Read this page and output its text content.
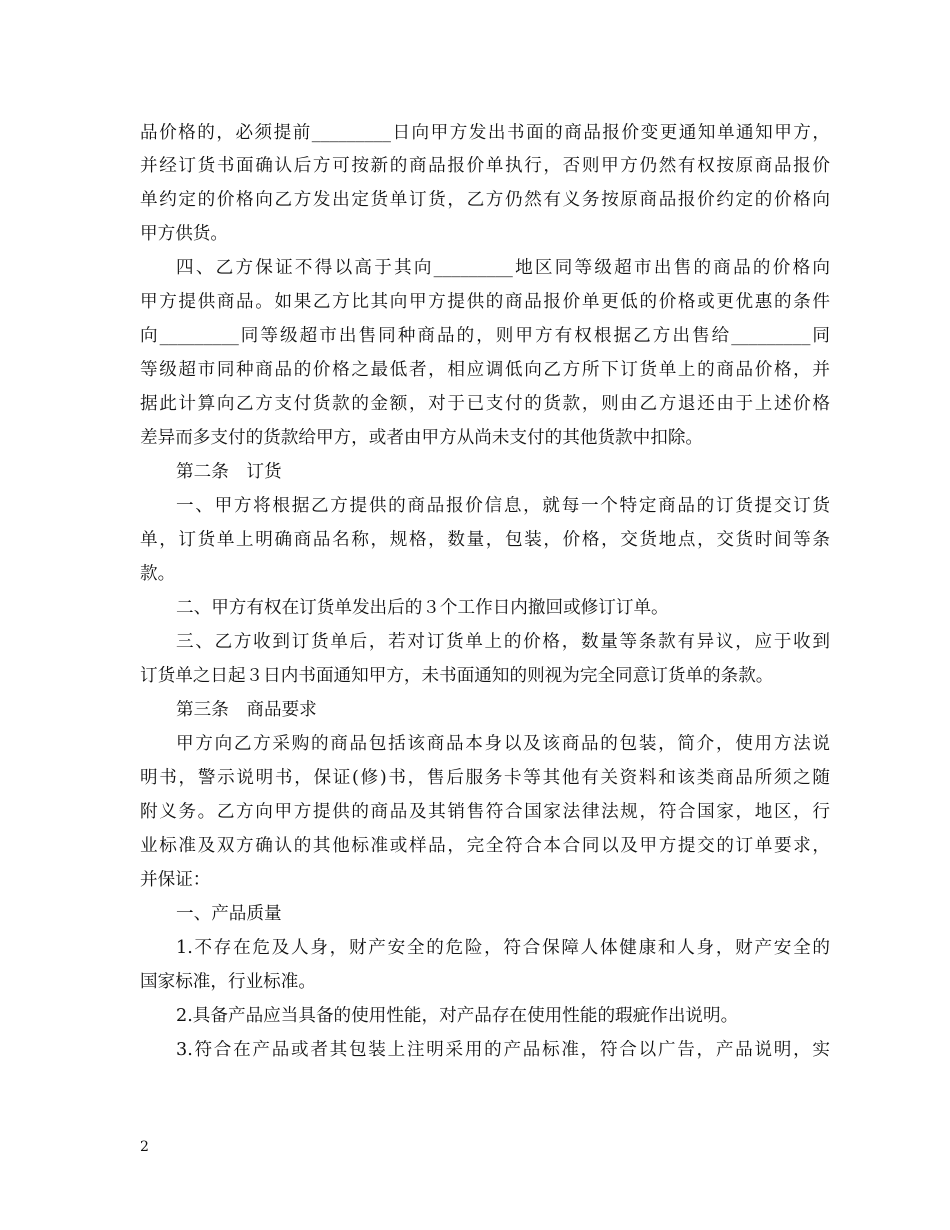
品价格的，必须提前_________日向甲方发出书面的商品报价变更通知单通知甲方，
并经订货书面确认后方可按新的商品报价单执行，否则甲方仍然有权按原商品报价
单约定的价格向乙方发出定货单订货，乙方仍然有义务按原商品报价约定的价格向
甲方供货。
四、乙方保证不得以高于其向_________地区同等级超市出售的商品的价格向
甲方提供商品。如果乙方比其向甲方提供的商品报价单更低的价格或更优惠的条件
向_________同等级超市出售同种商品的，则甲方有权根据乙方出售给_________同
等级超市同种商品的价格之最低者，相应调低向乙方所下订货单上的商品价格，并
据此计算向乙方支付货款的金额，对于已支付的货款，则由乙方退还由于上述价格
差异而多支付的货款给甲方，或者由甲方从尚未支付的其他货款中扣除。
第二条　订货
一、甲方将根据乙方提供的商品报价信息，就每一个特定商品的订货提交订货
单，订货单上明确商品名称，规格，数量，包装，价格，交货地点，交货时间等条
款。
二、甲方有权在订货单发出后的３个工作日内撤回或修订订单。
三、乙方收到订货单后，若对订货单上的价格，数量等条款有异议，应于收到
订货单之日起３日内书面通知甲方，未书面通知的则视为完全同意订货单的条款。
第三条　商品要求
甲方向乙方采购的商品包括该商品本身以及该商品的包装，简介，使用方法说
明书，警示说明书，保证(修)书，售后服务卡等其他有关资料和该类商品所须之随
附义务。乙方向甲方提供的商品及其销售符合国家法律法规，符合国家，地区，行
业标准及双方确认的其他标准或样品，完全符合本合同以及甲方提交的订单要求，
并保证：
一、产品质量
1.不存在危及人身，财产安全的危险，符合保障人体健康和人身，财产安全的
国家标准，行业标准。
2.具备产品应当具备的使用性能，对产品存在使用性能的瑕疵作出说明。
3.符合在产品或者其包装上注明采用的产品标准，符合以广告，产品说明，实
2
